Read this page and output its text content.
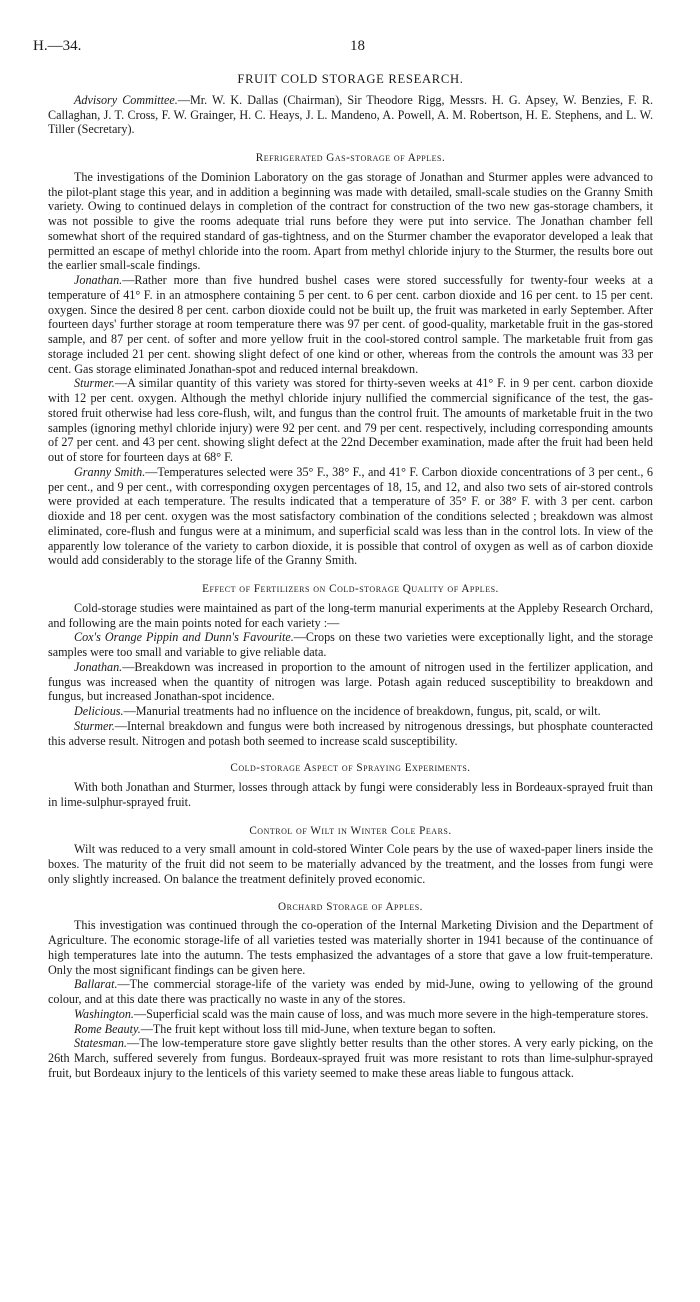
H.—34.	18
FRUIT COLD STORAGE RESEARCH.

Advisory Committee.—Mr. W. K. Dallas (Chairman), Sir Theodore Rigg, Messrs. H. G. Apsey, W. Benzies, F. R. Callaghan, J. T. Cross, F. W. Grainger, H. C. Heays, J. L. Mandeno, A. Powell, A. M. Robertson, H. E. Stephens, and L. W. Tiller (Secretary).

Refrigerated Gas-storage of Apples.

The investigations of the Dominion Laboratory on the gas storage of Jonathan and Sturmer apples were advanced to the pilot-plant stage this year, and in addition a beginning was made with detailed, small-scale studies on the Granny Smith variety. Owing to continued delays in completion of the contract for construction of the two new gas-storage chambers, it was not possible to give the rooms adequate trial runs before they were put into service. The Jonathan chamber fell somewhat short of the required standard of gas-tightness, and on the Sturmer chamber the evaporator developed a leak that permitted an escape of methyl chloride into the room. Apart from methyl chloride injury to the Sturmer, the results bore out the earlier small-scale findings.

Jonathan.—Rather more than five hundred bushel cases were stored successfully for twenty-four weeks at a temperature of 41° F. in an atmosphere containing 5 per cent. to 6 per cent. carbon dioxide and 16 per cent. to 15 per cent. oxygen. Since the desired 8 per cent. carbon dioxide could not be built up, the fruit was marketed in early September. After fourteen days' further storage at room temperature there was 97 per cent. of good-quality, marketable fruit in the gas-stored sample, and 87 per cent. of softer and more yellow fruit in the cool-stored control sample. The marketable fruit from gas storage included 21 per cent. showing slight defect of one kind or other, whereas from the controls the amount was 33 per cent. Gas storage eliminated Jonathan-spot and reduced internal breakdown.

Sturmer.—A similar quantity of this variety was stored for thirty-seven weeks at 41° F. in 9 per cent. carbon dioxide with 12 per cent. oxygen. Although the methyl chloride injury nullified the commercial significance of the test, the gas-stored fruit otherwise had less core-flush, wilt, and fungus than the control fruit. The amounts of marketable fruit in the two samples (ignoring methyl chloride injury) were 92 per cent. and 79 per cent. respectively, including corresponding amounts of 27 per cent. and 43 per cent. showing slight defect at the 22nd December examination, made after the fruit had been held out of store for fourteen days at 68° F.

Granny Smith.—Temperatures selected were 35° F., 38° F., and 41° F. Carbon dioxide concentrations of 3 per cent., 6 per cent., and 9 per cent., with corresponding oxygen percentages of 18, 15, and 12, and also two sets of air-stored controls were provided at each temperature. The results indicated that a temperature of 35° F. or 38° F. with 3 per cent. carbon dioxide and 18 per cent. oxygen was the most satisfactory combination of the conditions selected ; breakdown was almost eliminated, core-flush and fungus were at a minimum, and superficial scald was less than in the control lots. In view of the apparently low tolerance of the variety to carbon dioxide, it is possible that control of oxygen as well as of carbon dioxide would add considerably to the storage life of the Granny Smith.

Effect of Fertilizers on Cold-storage Quality of Apples.

Cold-storage studies were maintained as part of the long-term manurial experiments at the Appleby Research Orchard, and following are the main points noted for each variety :—

Cox's Orange Pippin and Dunn's Favourite.—Crops on these two varieties were exceptionally light, and the storage samples were too small and variable to give reliable data.

Jonathan.—Breakdown was increased in proportion to the amount of nitrogen used in the fertilizer application, and fungus was increased when the quantity of nitrogen was large. Potash again reduced susceptibility to breakdown and fungus, but increased Jonathan-spot incidence.

Delicious.—Manurial treatments had no influence on the incidence of breakdown, fungus, pit, scald, or wilt.

Sturmer.—Internal breakdown and fungus were both increased by nitrogenous dressings, but phosphate counteracted this adverse result. Nitrogen and potash both seemed to increase scald susceptibility.

Cold-storage Aspect of Spraying Experiments.

With both Jonathan and Sturmer, losses through attack by fungi were considerably less in Bordeaux-sprayed fruit than in lime-sulphur-sprayed fruit.

Control of Wilt in Winter Cole Pears.

Wilt was reduced to a very small amount in cold-stored Winter Cole pears by the use of waxed-paper liners inside the boxes. The maturity of the fruit did not seem to be materially advanced by the treatment, and the losses from fungi were only slightly increased. On balance the treatment definitely proved economic.

Orchard Storage of Apples.

This investigation was continued through the co-operation of the Internal Marketing Division and the Department of Agriculture. The economic storage-life of all varieties tested was materially shorter in 1941 because of the continuance of high temperatures late into the autumn. The tests emphasized the advantages of a store that gave a low fruit-temperature. Only the most significant findings can be given here.

Ballarat.—The commercial storage-life of the variety was ended by mid-June, owing to yellowing of the ground colour, and at this date there was practically no waste in any of the stores.

Washington.—Superficial scald was the main cause of loss, and was much more severe in the high-temperature stores.

Rome Beauty.—The fruit kept without loss till mid-June, when texture began to soften.

Statesman.—The low-temperature store gave slightly better results than the other stores. A very early picking, on the 26th March, suffered severely from fungus. Bordeaux-sprayed fruit was more resistant to rots than lime-sulphur-sprayed fruit, but Bordeaux injury to the lenticels of this variety seemed to make these areas liable to fungous attack.
